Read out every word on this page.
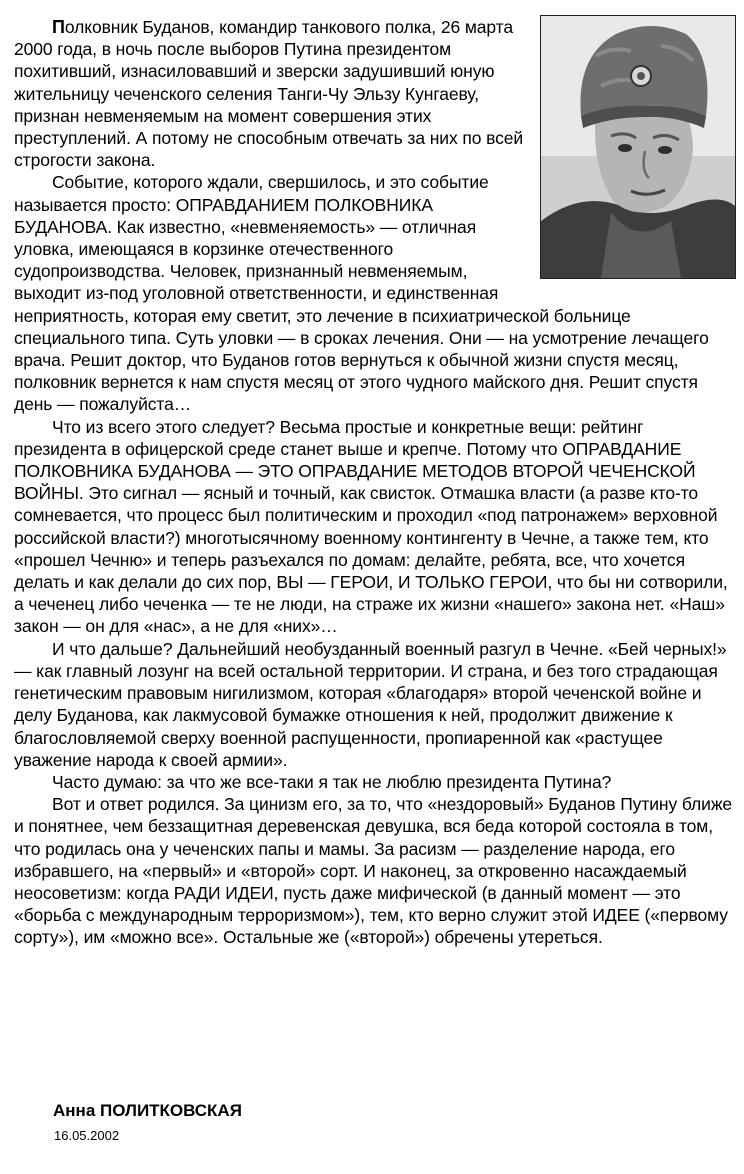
Полковник Буданов, командир танкового полка, 26 марта 2000 года, в ночь после выборов Путина президентом похитивший, изнасиловавший и зверски задушивший юную жительницу чеченского селения Танги-Чу Эльзу Кунгаеву, признан невменяемым на момент совершения этих преступлений. А потому не способным отвечать за них по всей строгости закона.

Событие, которого ждали, свершилось, и это событие называется просто: ОПРАВДАНИЕМ ПОЛКОВНИКА БУДАНОВА. Как известно, «невменяемость» — отличная уловка, имеющаяся в корзинке отечественного судопроизводства. Человек, признанный невменяемым, выходит из-под уголовной ответственности, и единственная неприятность, которая ему светит, это лечение в психиатрической больнице специального типа. Суть уловки — в сроках лечения. Они — на усмотрение лечащего врача. Решит доктор, что Буданов готов вернуться к обычной жизни спустя месяц, полковник вернется к нам спустя месяц от этого чудного майского дня. Решит спустя день — пожалуйста…

Что из всего этого следует? Весьма простые и конкретные вещи: рейтинг президента в офицерской среде станет выше и крепче. Потому что ОПРАВДАНИЕ ПОЛКОВНИКА БУДАНОВА — ЭТО ОПРАВДАНИЕ МЕТОДОВ ВТОРОЙ ЧЕЧЕНСКОЙ ВОЙНЫ. Это сигнал — ясный и точный, как свисток. Отмашка власти (а разве кто-то сомневается, что процесс был политическим и проходил «под патронажем» верховной российской власти?) многотысячному военному контингенту в Чечне, а также тем, кто «прошел Чечню» и теперь разъехался по домам: делайте, ребята, все, что хочется делать и как делали до сих пор, ВЫ — ГЕРОИ, И ТОЛЬКО ГЕРОИ, что бы ни сотворили, а чеченец либо чеченка — те не люди, на страже их жизни «нашего» закона нет. «Наш» закон — он для «нас», а не для «них»…

И что дальше? Дальнейший необузданный военный разгул в Чечне. «Бей черных!» — как главный лозунг на всей остальной территории. И страна, и без того страдающая генетическим правовым нигилизмом, которая «благодаря» второй чеченской войне и делу Буданова, как лакмусовой бумажке отношения к ней, продолжит движение к благословляемой сверху военной распущенности, пропиаренной как «растущее уважение народа к своей армии».

Часто думаю: за что же все-таки я так не люблю президента Путина?

Вот и ответ родился. За цинизм его, за то, что «нездоровый» Буданов Путину ближе и понятнее, чем беззащитная деревенская девушка, вся беда которой состояла в том, что родилась она у чеченских папы и мамы. За расизм — разделение народа, его избравшего, на «первый» и «второй» сорт. И наконец, за откровенно насаждаемый неосоветизм: когда РАДИ ИДЕИ, пусть даже мифической (в данный момент — это «борьба с международным терроризмом»), тем, кто верно служит этой ИДЕЕ («первому сорту»), им «можно все». Остальные же («второй») обречены утереться.

Анна ПОЛИТКОВСКАЯ
16.05.2002
